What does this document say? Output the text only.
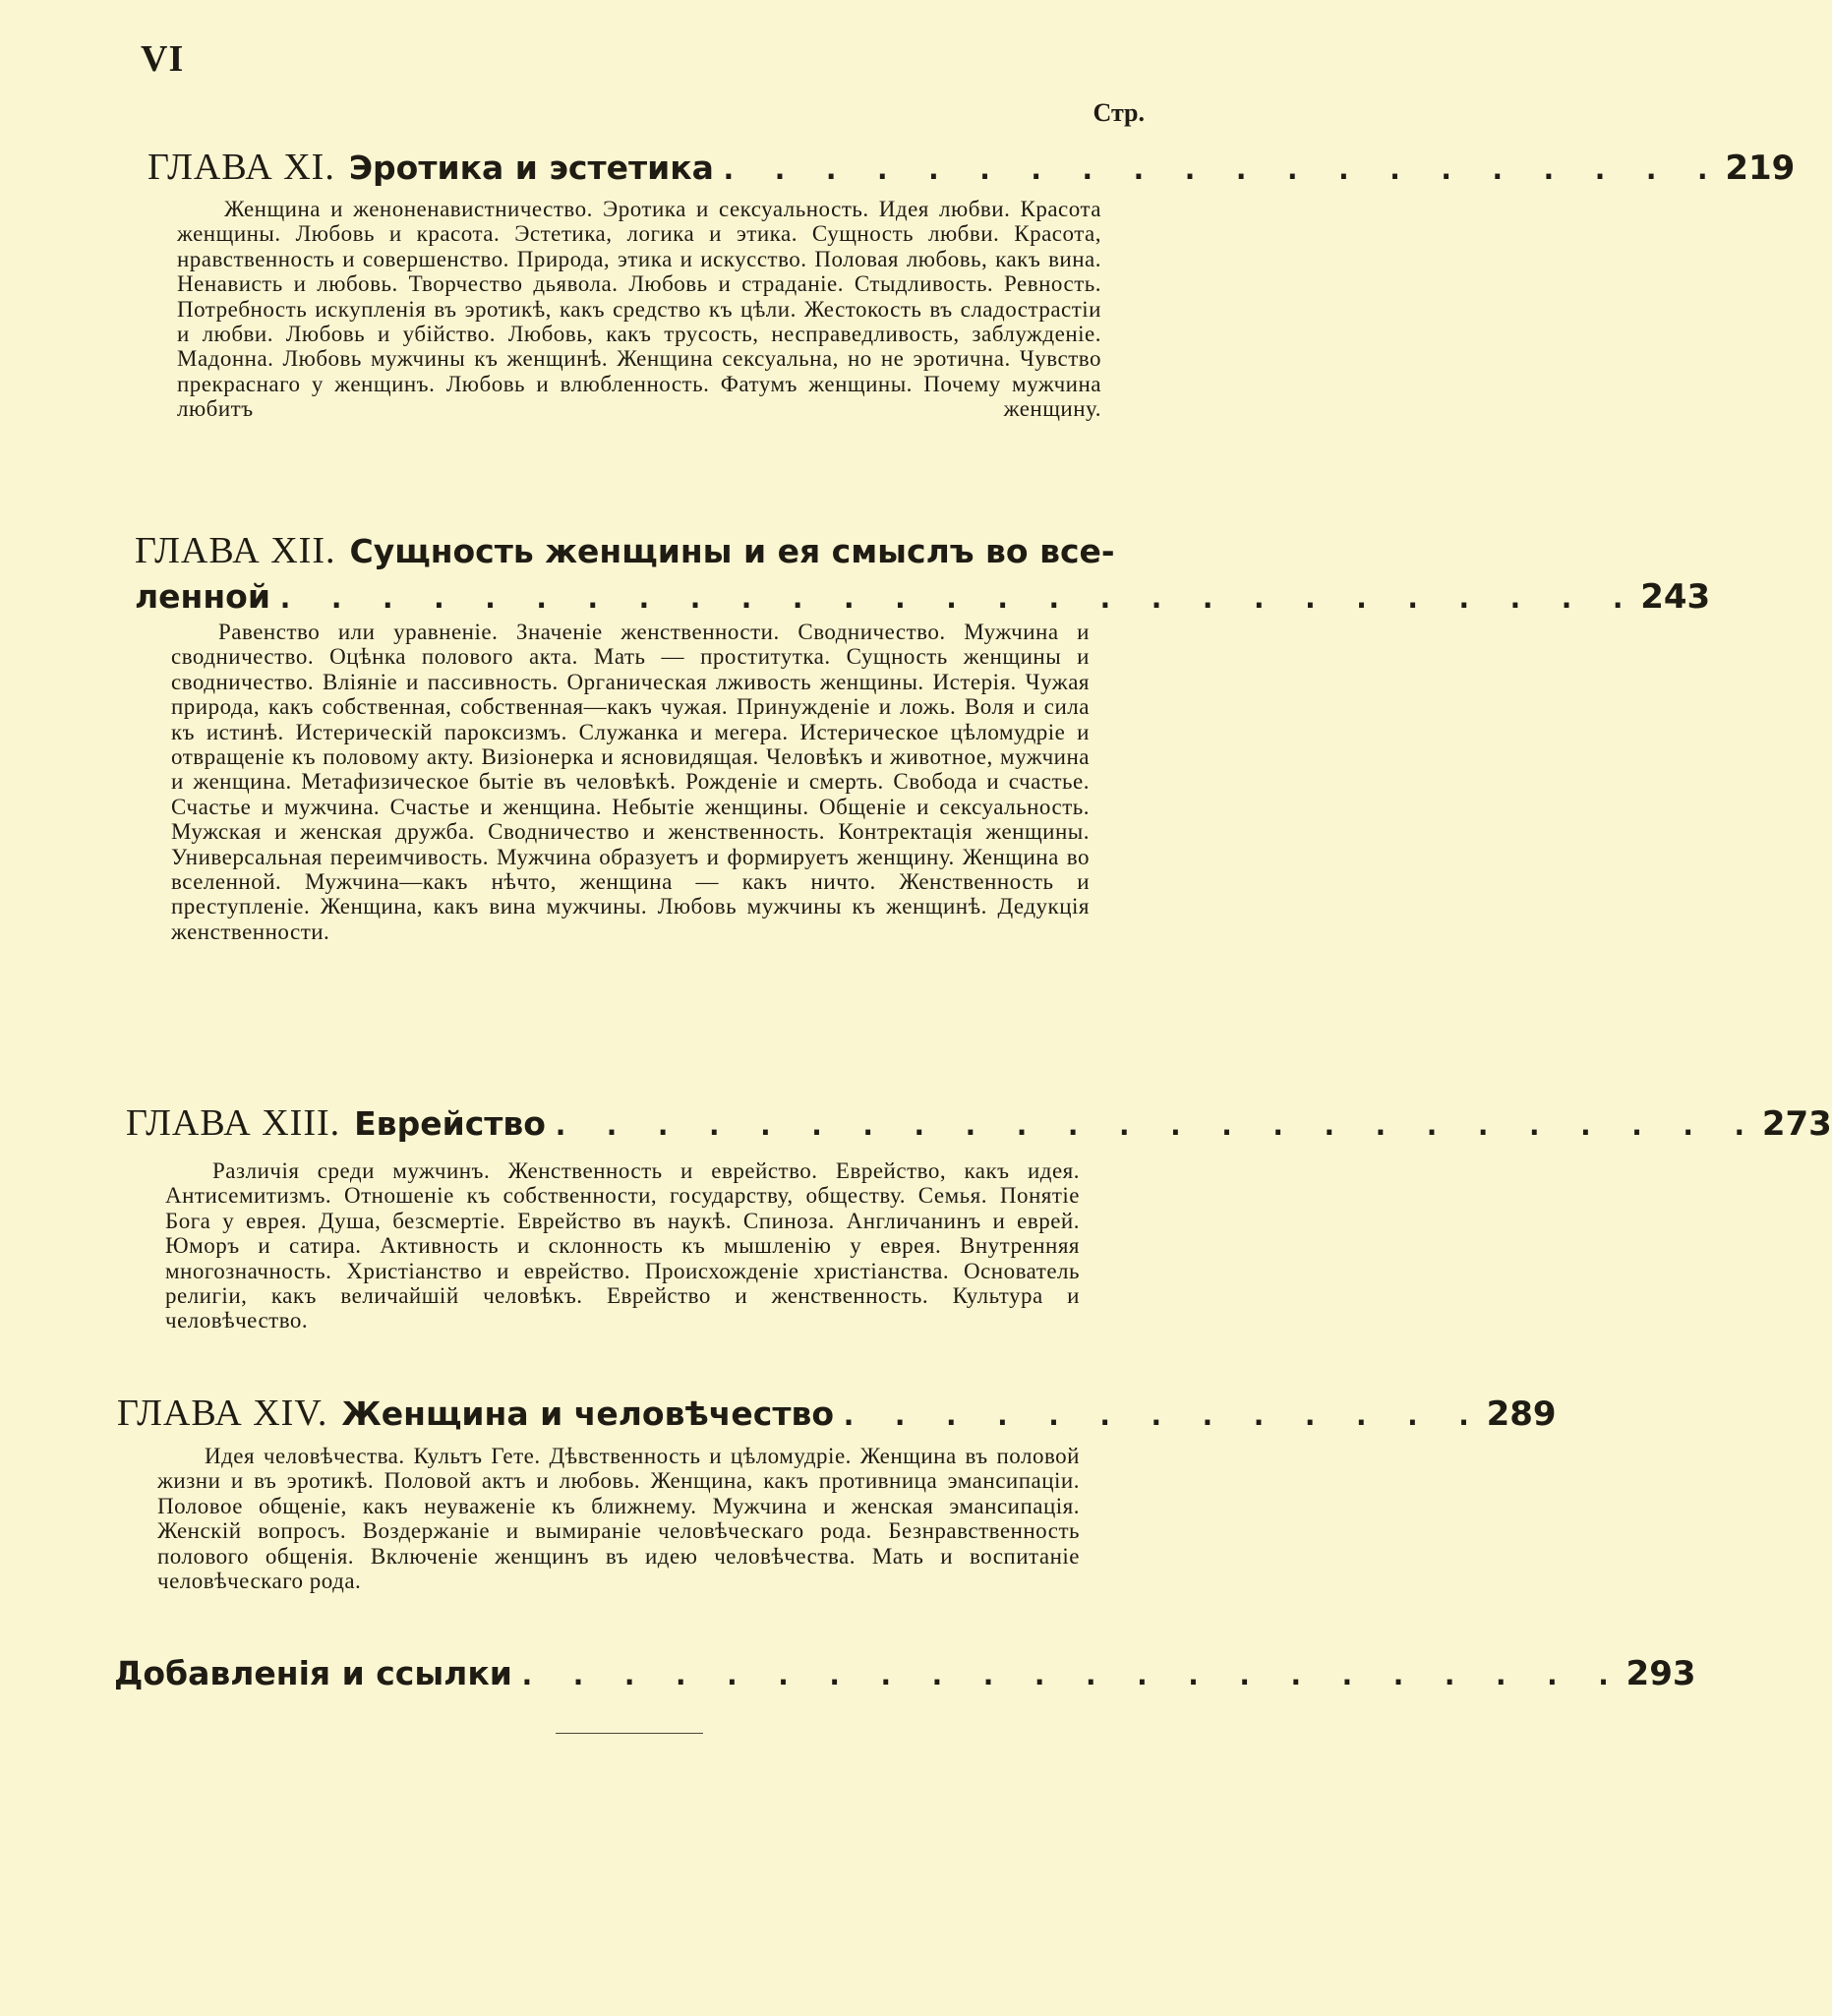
VI
Стр.
ГЛАВА XI. Эротика и эстетика . . . . . . . . . . . . . . . . . . . . 219

Женщина и женоненавистничество. Эротика и сексуальность. Идея любви. Красота женщины. Любовь и красота. Эстетика, логика и этика. Сущность любви. Красота, нравственность и совершенство. Природа, этика и искусство. Половая любовь, какъ вина. Ненависть и любовь. Творчество дьявола. Любовь и страданіе. Стыдливость. Ревность. Потребность искупленія въ эротикѣ, какъ средство къ цѣли. Жестокость въ сладострастіи и любви. Любовь и убійство. Любовь, какъ трусость, несправедливость, заблужденіе. Мадонна. Любовь мужчины къ женщинѣ. Женщина сексуальна, но не эротична. Чувство прекраснаго у женщинъ. Любовь и влюбленность. Фатумъ женщины. Почему мужчина любитъ женщину.

ГЛАВА XII. Сущность женщины и ея смыслъ во все-
ленной . . . . . . . . . . . . . . . . . . . . . . . . . . . 243

Равенство или уравненіе. Значеніе женственности. Сводничество. Мужчина и сводничество. Оцѣнка полового акта. Мать — проститутка. Сущность женщины и сводничество. Вліяніе и пассивность. Органическая лживость женщины. Истерія. Чужая природа, какъ собственная, собственная—какъ чужая. Принужденіе и ложь. Воля и сила къ истинѣ. Истерическій пароксизмъ. Служанка и мегера. Истерическое цѣломудріе и отвращеніе къ половому акту. Визіонерка и ясновидящая. Человѣкъ и животное, мужчина и женщина. Метафизическое бытіе въ человѣкѣ. Рожденіе и смерть. Свобода и счастье. Счастье и мужчина. Счастье и женщина. Небытіе женщины. Общеніе и сексуальность. Мужская и женская дружба. Сводничество и женственность. Контректація женщины. Универсальная переимчивость. Мужчина образуетъ и формируетъ женщину. Женщина во вселенной. Мужчина—какъ нѣчто, женщина — какъ ничто. Женственность и преступленіе. Женщина, какъ вина мужчины. Любовь мужчины къ женщинѣ. Дедукція женственности.

ГЛАВА XIII. Еврейство . . . . . . . . . . . . . . . . . . . . . . . . 273

Различія среди мужчинъ. Женственность и еврейство. Еврейство, какъ идея. Антисемитизмъ. Отношеніе къ собственности, государству, обществу. Семья. Понятіе Бога у еврея. Душа, безсмертіе. Еврейство въ наукѣ. Спиноза. Англичанинъ и еврей. Юморъ и сатира. Активность и склонность къ мышленію у еврея. Внутренняя многозначность. Христіанство и еврейство. Происхожденіе христіанства. Основатель религіи, какъ величайшій человѣкъ. Еврейство и женственность. Культура и человѣчество.

ГЛАВА XIV. Женщина и человѣчество . . . . . . . . . . . . . 289

Идея человѣчества. Культъ Гете. Дѣвственность и цѣломудріе. Женщина въ половой жизни и въ эротикѣ. Половой актъ и любовь. Женщина, какъ противница эмансипаціи. Половое общеніе, какъ неуваженіе къ ближнему. Мужчина и женская эмансипація. Женскій вопросъ. Воздержаніе и вымираніе человѣческаго рода. Безнравственность полового общенія. Включеніе женщинъ въ идею человѣчества. Мать и воспитаніе человѣческаго рода.

Добавленія и ссылки . . . . . . . . . . . . . . . . . . . . . . 293
